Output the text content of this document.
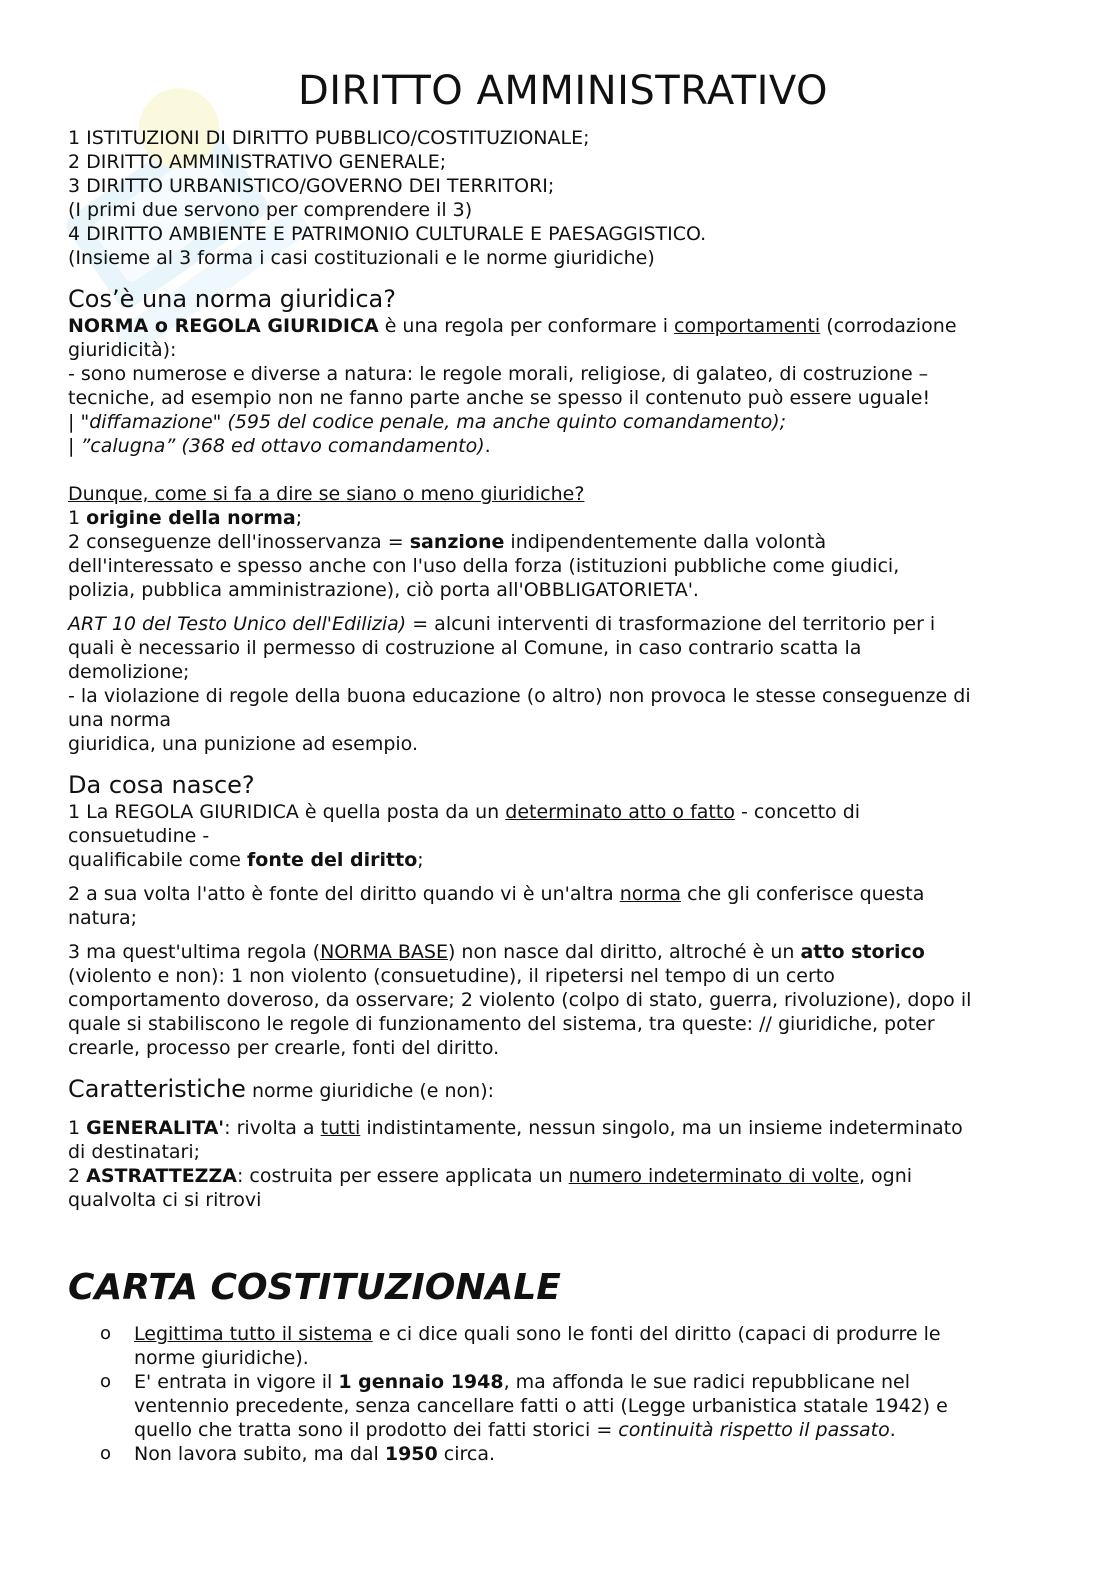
DIRITTO AMMINISTRATIVO
1 ISTITUZIONI DI DIRITTO PUBBLICO/COSTITUZIONALE;
2 DIRITTO AMMINISTRATIVO GENERALE;
3 DIRITTO URBANISTICO/GOVERNO DEI TERRITORI;
(I primi due servono per comprendere il 3)
4 DIRITTO AMBIENTE E PATRIMONIO CULTURALE E PAESAGGISTICO.
(Insieme al 3 forma i casi costituzionali e le norme giuridiche)
Cos’è una norma giuridica?
NORMA o REGOLA GIURIDICA è una regola per conformare i comportamenti (corrodazione
giuridicità):
- sono numerose e diverse a natura: le regole morali, religiose, di galateo, di costruzione –
tecniche, ad esempio non ne fanno parte anche se spesso il contenuto può essere uguale!
| "diffamazione" (595 del codice penale, ma anche quinto comandamento);
| ”calugna” (368 ed ottavo comandamento).
Dunque, come si fa a dire se siano o meno giuridiche?
1 origine della norma;
2 conseguenze dell'inosservanza = sanzione indipendentemente dalla volontà
dell'interessato e spesso anche con l'uso della forza (istituzioni pubbliche come giudici,
polizia, pubblica amministrazione), ciò porta all'OBBLIGATORIETA'.
ART 10 del Testo Unico dell'Edilizia) = alcuni interventi di trasformazione del territorio per i
quali è necessario il permesso di costruzione al Comune, in caso contrario scatta la
demolizione;
- la violazione di regole della buona educazione (o altro) non provoca le stesse conseguenze di
una norma
giuridica, una punizione ad esempio.
Da cosa nasce?
1 La REGOLA GIURIDICA è quella posta da un determinato atto o fatto - concetto di
consuetudine -
qualificabile come fonte del diritto;
2 a sua volta l'atto è fonte del diritto quando vi è un'altra norma che gli conferisce questa
natura;
3 ma quest'ultima regola (NORMA BASE) non nasce dal diritto, altroché è un atto storico
(violento e non): 1 non violento (consuetudine), il ripetersi nel tempo di un certo
comportamento doveroso, da osservare; 2 violento (colpo di stato, guerra, rivoluzione), dopo il
quale si stabiliscono le regole di funzionamento del sistema, tra queste: // giuridiche, poter
crearle, processo per crearle, fonti del diritto.
Caratteristiche norme giuridiche (e non):
1 GENERALITA': rivolta a tutti indistintamente, nessun singolo, ma un insieme indeterminato
di destinatari;
2 ASTRATTEZZA: costruita per essere applicata un numero indeterminato di volte, ogni
qualvolta ci si ritrovi
CARTA COSTITUZIONALE
o Legittima tutto il sistema e ci dice quali sono le fonti del diritto (capaci di produrre le
norme giuridiche).
o E' entrata in vigore il 1 gennaio 1948, ma affonda le sue radici repubblicane nel
ventennio precedente, senza cancellare fatti o atti (Legge urbanistica statale 1942) e
quello che tratta sono il prodotto dei fatti storici = continuità rispetto il passato.
o Non lavora subito, ma dal 1950 circa.
